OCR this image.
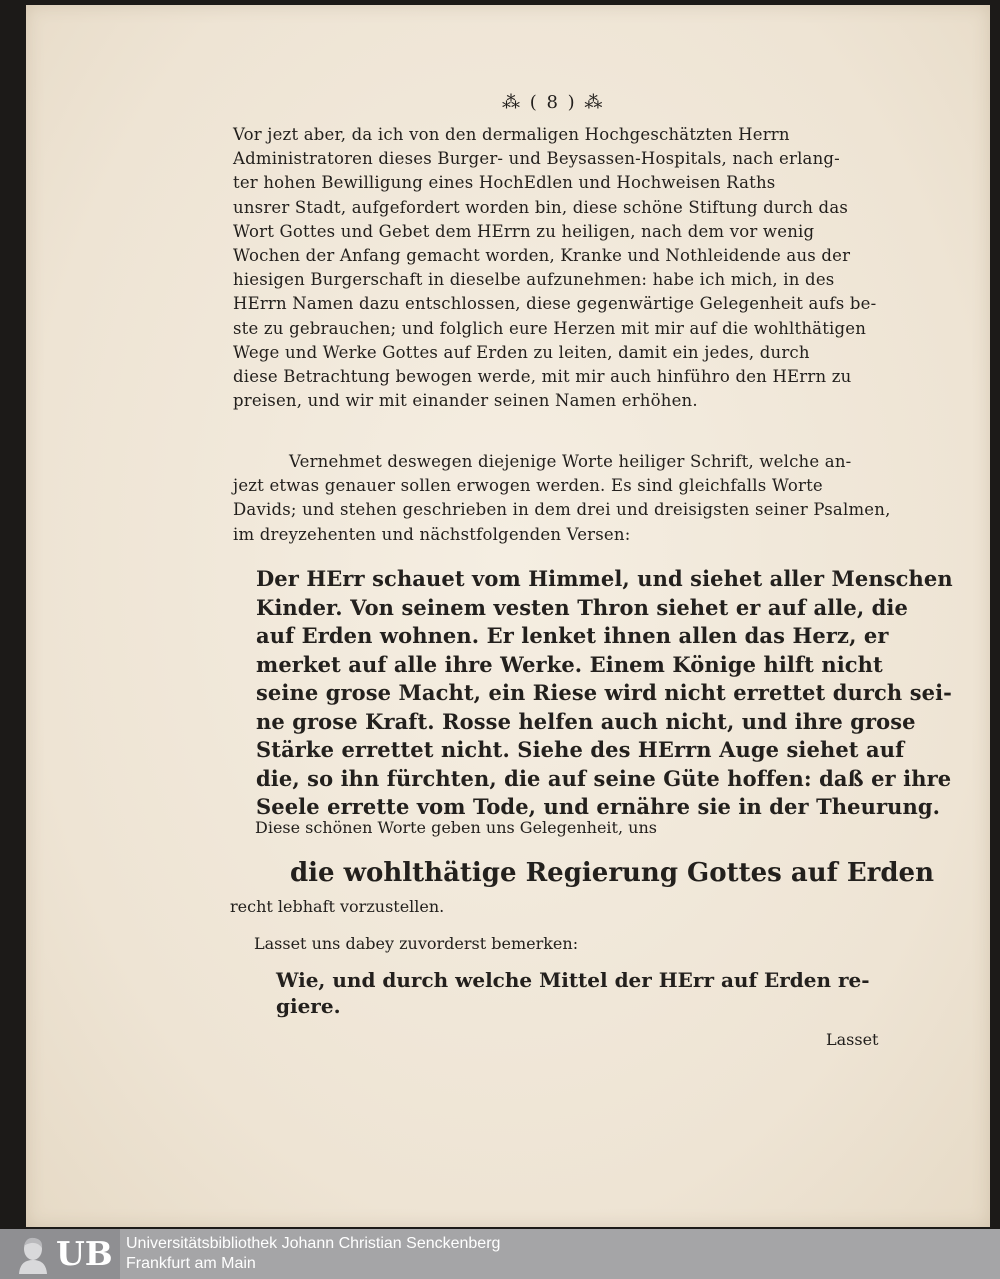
⁂ ( 8 ) ⁂
Vor jezt aber, da ich von den dermaligen Hochgeschätzten Herrn
Administratoren dieses Burger- und Beysassen-Hospitals, nach erlang-
ter hohen Bewilligung eines HochEdlen und Hochweisen Raths
unsrer Stadt, aufgefordert worden bin, diese schöne Stiftung durch das
Wort Gottes und Gebet dem HErrn zu heiligen, nach dem vor wenig
Wochen der Anfang gemacht worden, Kranke und Nothleidende aus der
hiesigen Burgerschaft in dieselbe aufzunehmen: habe ich mich, in des
HErrn Namen dazu entschlossen, diese gegenwärtige Gelegenheit aufs be-
ste zu gebrauchen; und folglich eure Herzen mit mir auf die wohlthätigen
Wege und Werke Gottes auf Erden zu leiten, damit ein jedes, durch
diese Betrachtung bewogen werde, mit mir auch hinführo den HErrn zu
preisen, und wir mit einander seinen Namen erhöhen.
Vernehmet deswegen diejenige Worte heiliger Schrift, welche an-
jezt etwas genauer sollen erwogen werden. Es sind gleichfalls Worte
Davids; und stehen geschrieben in dem drei und dreisigsten seiner Psalmen,
im dreyzehenten und nächstfolgenden Versen:
Der HErr schauet vom Himmel, und siehet aller Menschen
Kinder. Von seinem vesten Thron siehet er auf alle, die
auf Erden wohnen. Er lenket ihnen allen das Herz, er
merket auf alle ihre Werke. Einem Könige hilft nicht
seine grose Macht, ein Riese wird nicht errettet durch sei-
ne grose Kraft. Rosse helfen auch nicht, und ihre grose
Stärke errettet nicht. Siehe des HErrn Auge siehet auf
die, so ihn fürchten, die auf seine Güte hoffen: daß er ihre
Seele errette vom Tode, und ernähre sie in der Theurung.
Diese schönen Worte geben uns Gelegenheit, uns
die wohlthätige Regierung Gottes auf Erden
recht lebhaft vorzustellen.
Lasset uns dabey zuvorderst bemerken:
Wie, und durch welche Mittel der HErr auf Erden re-
giere.
Lasset
UB Universitätsbibliothek Johann Christian Senckenberg
Frankfurt am Main
